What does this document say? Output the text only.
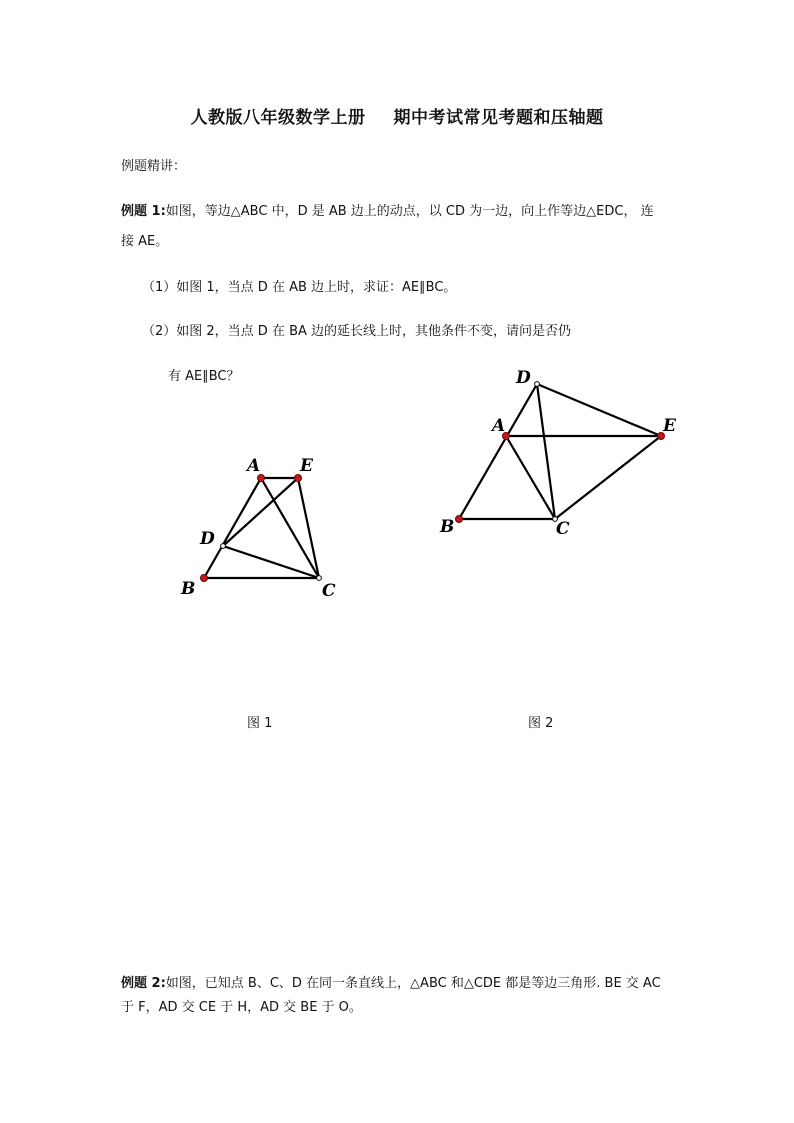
人教版八年级数学上册 期中考试常见考题和压轴题

例题精讲：

例题 1:如图，等边△ABC 中，D 是 AB 边上的动点，以 CD 为一边，向上作等边△EDC， 连

接 AE。

（1）如图 1，当点 D 在 AB 边上时，求证：AE∥BC。

（2）如图 2，当点 D 在 BA 边的延长线上时，其他条件不变，请问是否仍

有 AE∥BC？

A E
D
B	C
D
A	E
B	C

图 1	图 2

例题 2:如图，已知点 B、C、D 在同一条直线上，△ABC 和△CDE 都是等边三角形. BE 交 AC

于 F，AD 交 CE 于 H，AD 交 BE 于 O。
